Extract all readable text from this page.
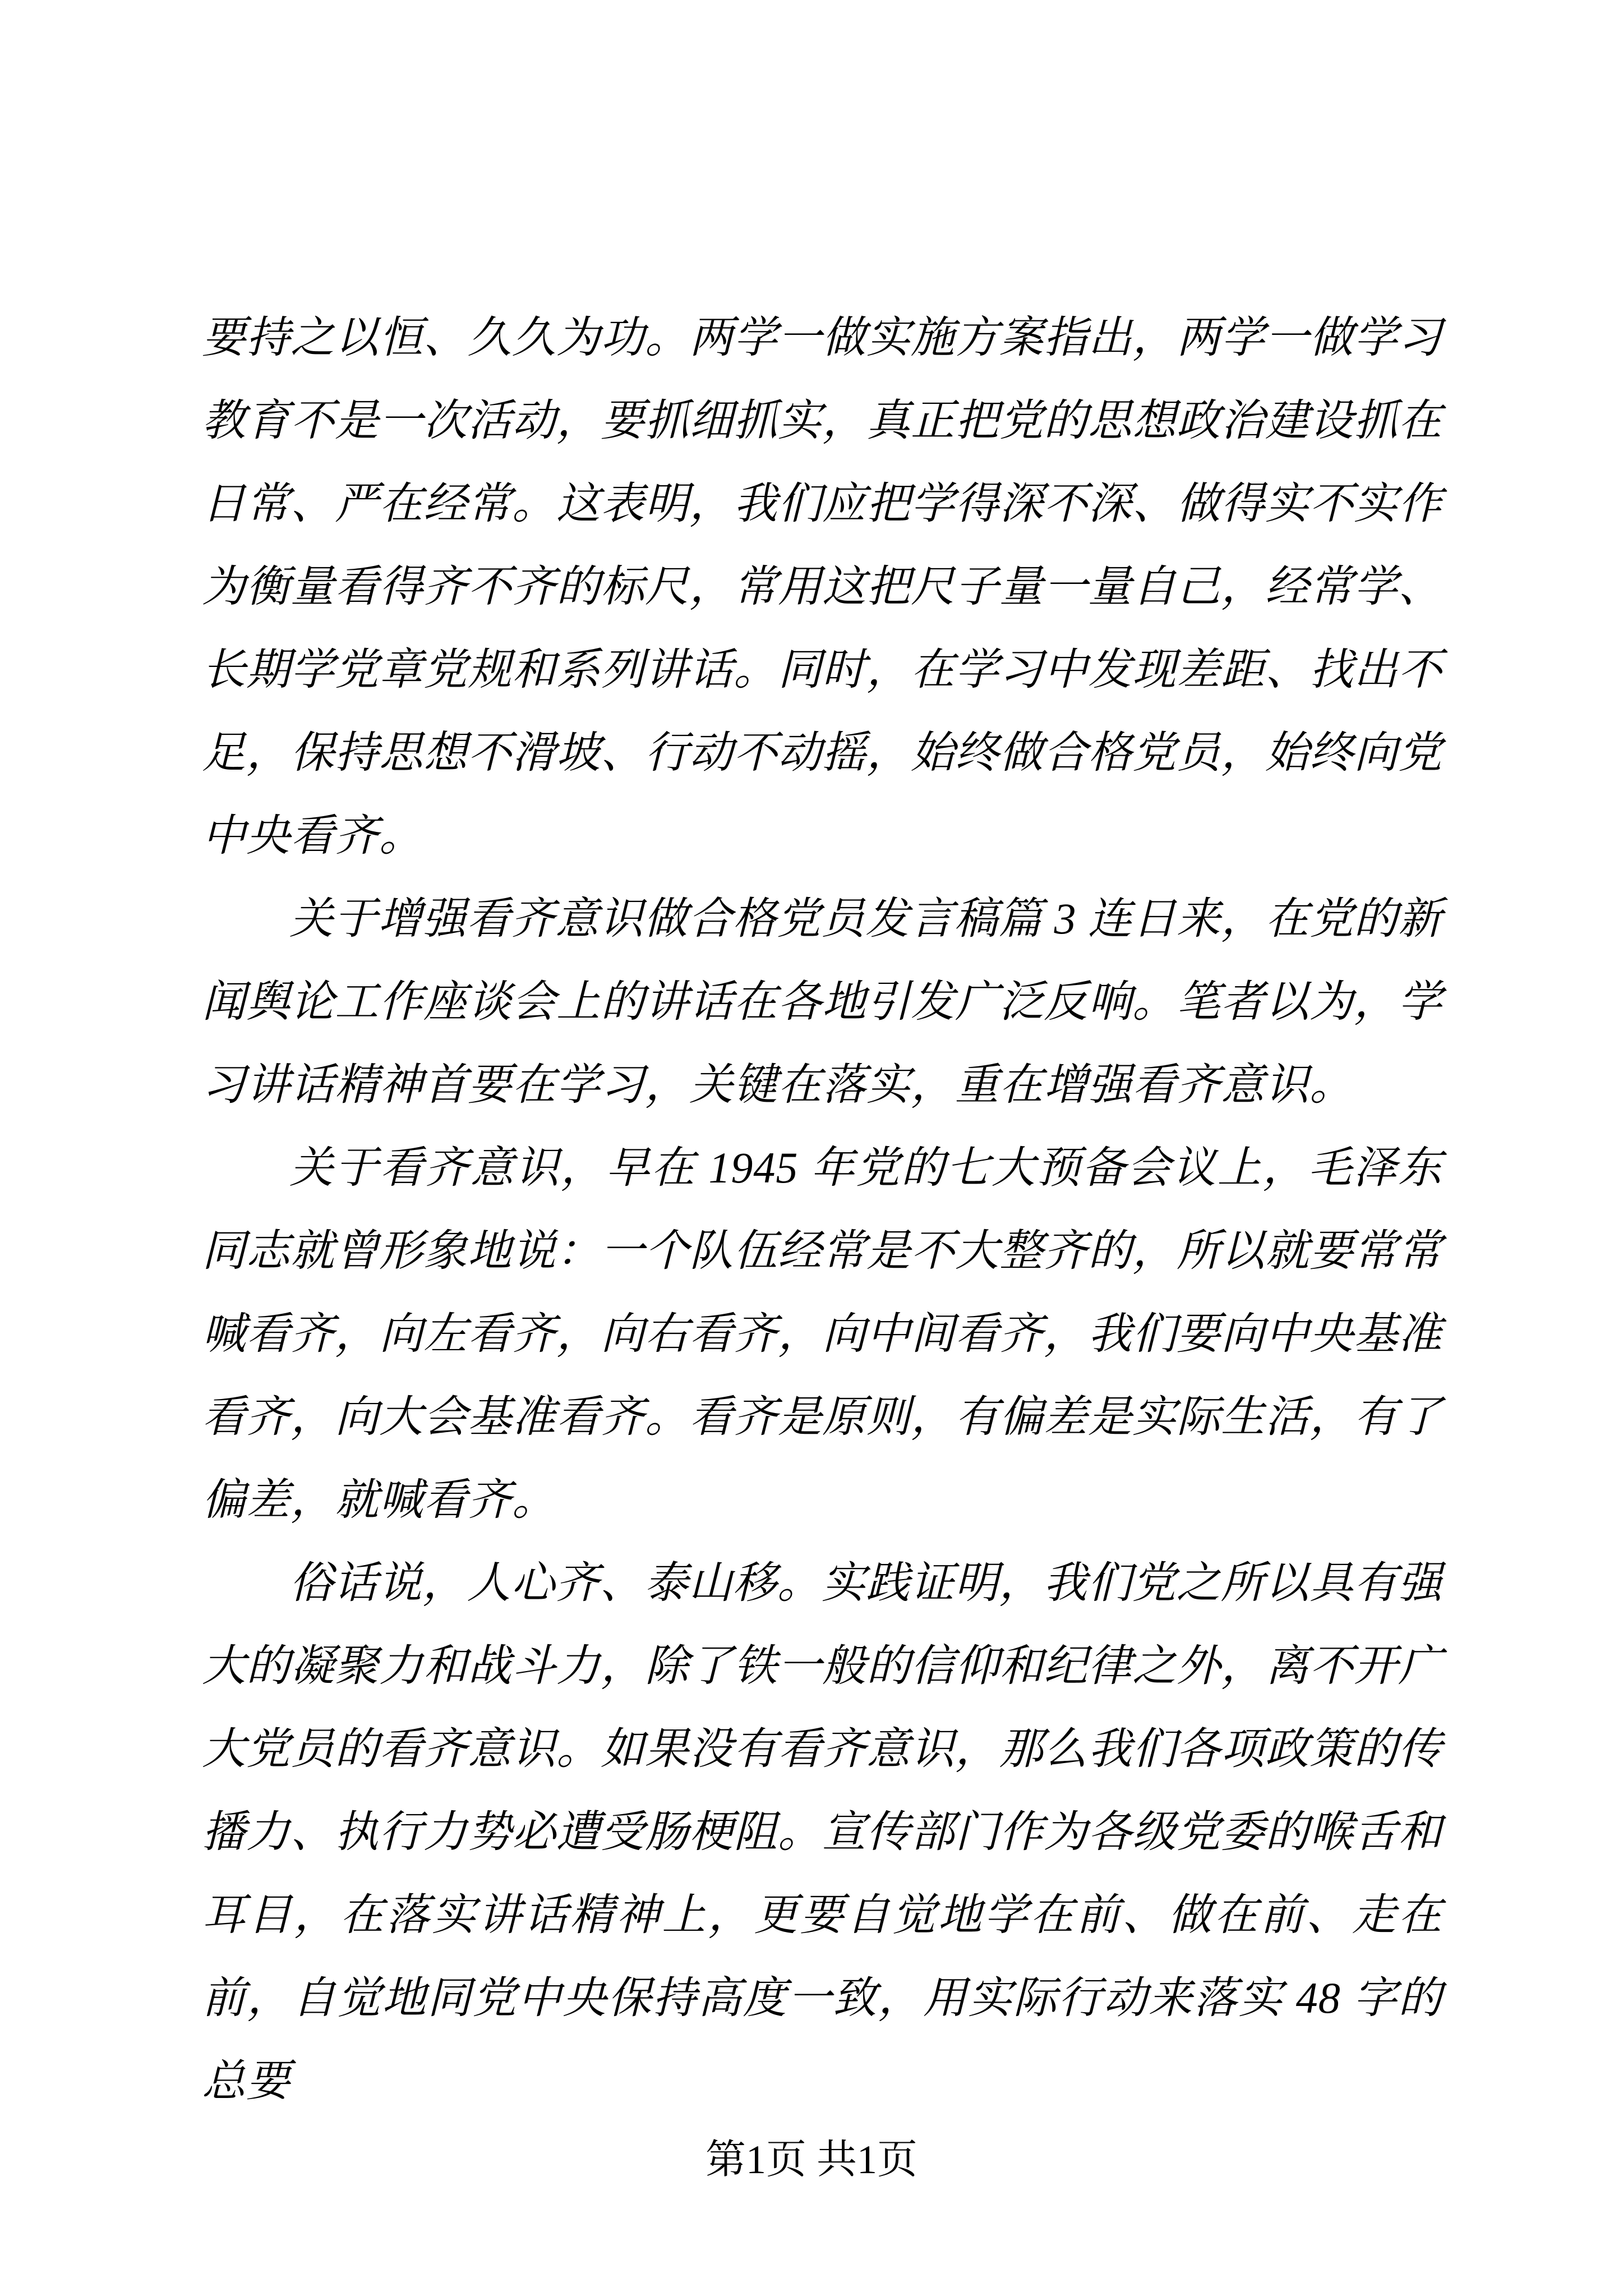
要持之以恒、久久为功。两学一做实施方案指出，两学一做学习教育不是一次活动，要抓细抓实，真正把党的思想政治建设抓在日常、严在经常。这表明，我们应把学得深不深、做得实不实作为衡量看得齐不齐的标尺，常用这把尺子量一量自己，经常学、长期学党章党规和系列讲话。同时，在学习中发现差距、找出不足，保持思想不滑坡、行动不动摇，始终做合格党员，始终向党中央看齐。

关于增强看齐意识做合格党员发言稿篇 3 连日来，在党的新闻舆论工作座谈会上的讲话在各地引发广泛反响。笔者以为，学习讲话精神首要在学习，关键在落实，重在增强看齐意识。

关于看齐意识，早在 1945 年党的七大预备会议上，毛泽东同志就曾形象地说：一个队伍经常是不大整齐的，所以就要常常喊看齐，向左看齐，向右看齐，向中间看齐，我们要向中央基准看齐，向大会基准看齐。看齐是原则，有偏差是实际生活，有了偏差，就喊看齐。

俗话说，人心齐、泰山移。实践证明，我们党之所以具有强大的凝聚力和战斗力，除了铁一般的信仰和纪律之外，离不开广大党员的看齐意识。如果没有看齐意识，那么我们各项政策的传播力、执行力势必遭受肠梗阻。宣传部门作为各级党委的喉舌和耳目，在落实讲话精神上，更要自觉地学在前、做在前、走在前，自觉地同党中央保持高度一致，用实际行动来落实 48 字的总要

第1页 共1页
